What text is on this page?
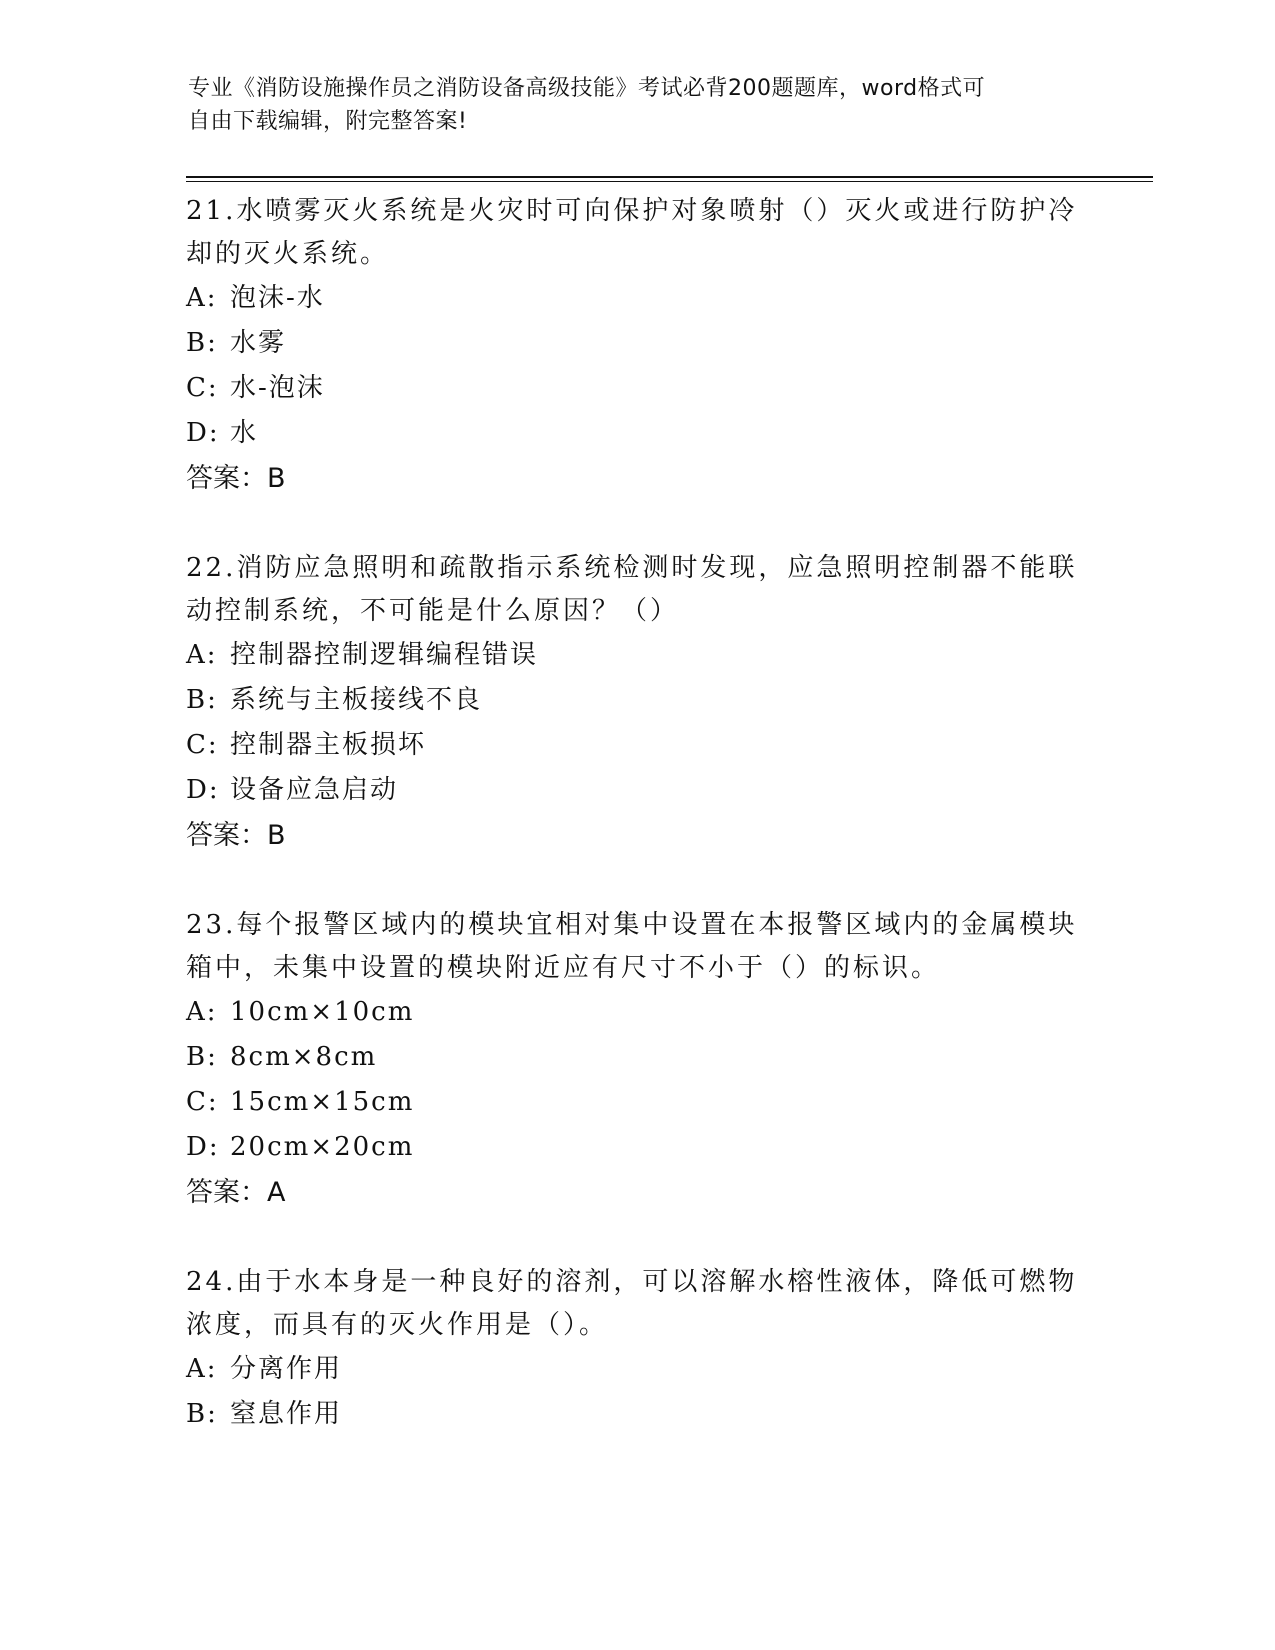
专业《消防设施操作员之消防设备高级技能》考试必背200题题库，word格式可
自由下载编辑，附完整答案!
21.水喷雾灭火系统是火灾时可向保护对象喷射（）灭火或进行防护冷
却的灭火系统。
A: 泡沫-水
B: 水雾
C: 水-泡沫
D: 水
答案：B
22.消防应急照明和疏散指示系统检测时发现，应急照明控制器不能联
动控制系统，不可能是什么原因？（）
A: 控制器控制逻辑编程错误
B: 系统与主板接线不良
C: 控制器主板损坏
D: 设备应急启动
答案：B
23.每个报警区域内的模块宜相对集中设置在本报警区域内的金属模块
箱中，未集中设置的模块附近应有尺寸不小于（）的标识。
A: 10cm×10cm
B: 8cm×8cm
C: 15cm×15cm
D: 20cm×20cm
答案：A
24.由于水本身是一种良好的溶剂，可以溶解水榕性液体，降低可燃物
浓度，而具有的灭火作用是（）。
A: 分离作用
B: 窒息作用
